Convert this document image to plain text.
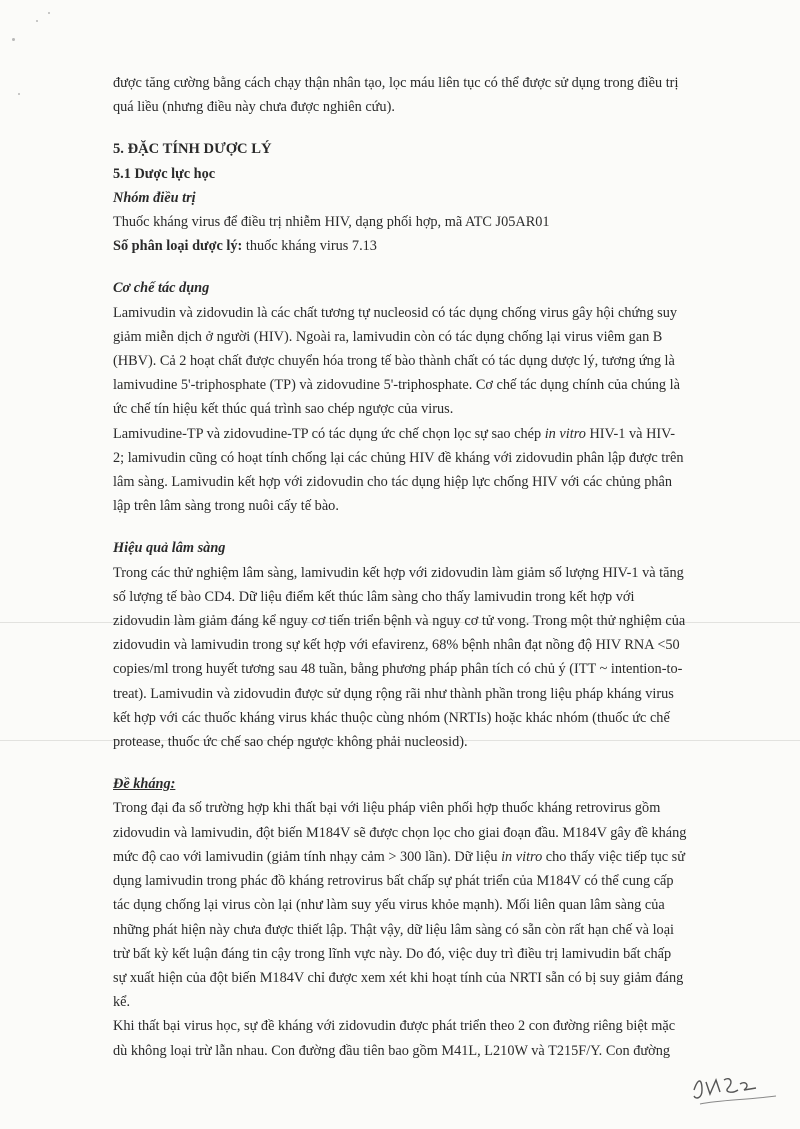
được tăng cường bằng cách chạy thận nhân tạo, lọc máu liên tục có thể được sử dụng trong điều trị

quá liều (nhưng điều này chưa được nghiên cứu).

5. ĐẶC TÍNH DƯỢC LÝ

5.1 Dược lực học

Nhóm điều trị

Thuốc kháng virus để điều trị nhiễm HIV, dạng phối hợp, mã ATC J05AR01

Số phân loại dược lý: thuốc kháng virus 7.13

Cơ chế tác dụng

Lamivudin và zidovudin là các chất tương tự nucleosid có tác dụng chống virus gây hội chứng suy

giảm miễn dịch ở người (HIV). Ngoài ra, lamivudin còn có tác dụng chống lại virus viêm gan B

(HBV). Cả 2 hoạt chất được chuyển hóa trong tế bào thành chất có tác dụng dược lý, tương ứng là

lamivudine 5'-triphosphate (TP) và zidovudine 5'-triphosphate. Cơ chế tác dụng chính của chúng là

ức chế tín hiệu kết thúc quá trình sao chép ngược của virus.

Lamivudine-TP và zidovudine-TP có tác dụng ức chế chọn lọc sự sao chép in vitro HIV-1 và HIV-

2; lamivudin cũng có hoạt tính chống lại các chủng HIV đề kháng với zidovudin phân lập được trên

lâm sàng. Lamivudin kết hợp với zidovudin cho tác dụng hiệp lực chống HIV với các chủng phân

lập trên lâm sàng trong nuôi cấy tế bào.

Hiệu quả lâm sàng

Trong các thử nghiệm lâm sàng, lamivudin kết hợp với zidovudin làm giảm số lượng HIV-1 và tăng

số lượng tế bào CD4. Dữ liệu điểm kết thúc lâm sàng cho thấy lamivudin trong kết hợp với

zidovudin làm giảm đáng kể nguy cơ tiến triển bệnh và nguy cơ tử vong. Trong một thử nghiệm của

zidovudin và lamivudin trong sự kết hợp với efavirenz, 68% bệnh nhân đạt nồng độ HIV RNA <50

copies/ml trong huyết tương sau 48 tuần, bằng phương pháp phân tích có chủ ý (ITT ~ intention-to-

treat). Lamivudin và zidovudin được sử dụng rộng rãi như thành phần trong liệu pháp kháng virus

kết hợp với các thuốc kháng virus khác thuộc cùng nhóm (NRTIs) hoặc khác nhóm (thuốc ức chế

protease, thuốc ức chế sao chép ngược không phải nucleosid).

Đề kháng:

Trong đại đa số trường hợp khi thất bại với liệu pháp viên phối hợp thuốc kháng retrovirus gồm

zidovudin và lamivudin, đột biến M184V sẽ được chọn lọc cho giai đoạn đầu. M184V gây đề kháng

mức độ cao với lamivudin (giảm tính nhạy cảm > 300 lần). Dữ liệu in vitro cho thấy việc tiếp tục sử

dụng lamivudin trong phác đồ kháng retrovirus bất chấp sự phát triển của M184V có thể cung cấp

tác dụng chống lại virus còn lại (như làm suy yếu virus khỏe mạnh). Mối liên quan lâm sàng của

những phát hiện này chưa được thiết lập. Thật vậy, dữ liệu lâm sàng có sẵn còn rất hạn chế và loại

trừ bất kỳ kết luận đáng tin cậy trong lĩnh vực này. Do đó, việc duy trì điều trị lamivudin bất chấp

sự xuất hiện của đột biến M184V chỉ được xem xét khi hoạt tính của NRTI sẵn có bị suy giảm đáng

kể.

Khi thất bại virus học, sự đề kháng với zidovudin được phát triển theo 2 con đường riêng biệt mặc

dù không loại trừ lẫn nhau. Con đường đầu tiên bao gồm M41L, L210W và T215F/Y. Con đường
